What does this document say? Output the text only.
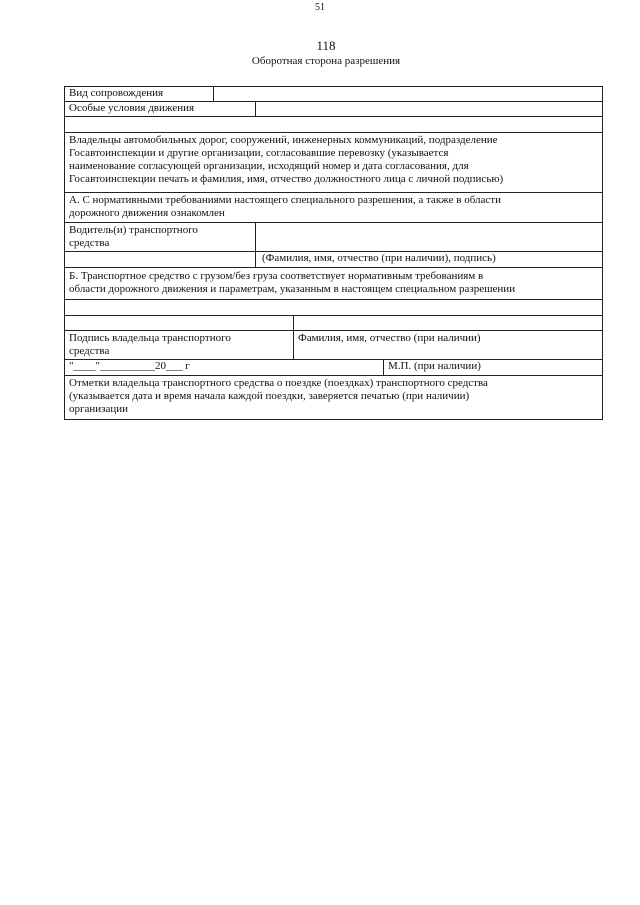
51
118
Оборотная сторона разрешения
Вид сопровождения
Особые условия движения
Владельцы автомобильных дорог, сооружений, инженерных коммуникаций, подразделение
Госавтоинспекции и другие организации, согласовавшие перевозку (указывается
наименование согласующей организации, исходящий номер и дата согласования, для
Госавтоинспекции печать и фамилия, имя, отчество должностного лица с личной подписью)
А. С нормативными требованиями настоящего специального разрешения, а также в области
дорожного движения ознакомлен
Водитель(и) транспортного
средства
(Фамилия, имя, отчество (при наличии), подпись)
Б. Транспортное средство с грузом/без груза соответствует нормативным требованиям в
области дорожного движения и параметрам, указанным в настоящем специальном разрешении
Подпись владельца транспортного
средства
Фамилия, имя, отчество (при наличии)
"____"__________20___ г	М.П. (при наличии)
Отметки владельца транспортного средства о поездке (поездках) транспортного средства
(указывается дата и время начала каждой поездки, заверяется печатью (при наличии)
организации
